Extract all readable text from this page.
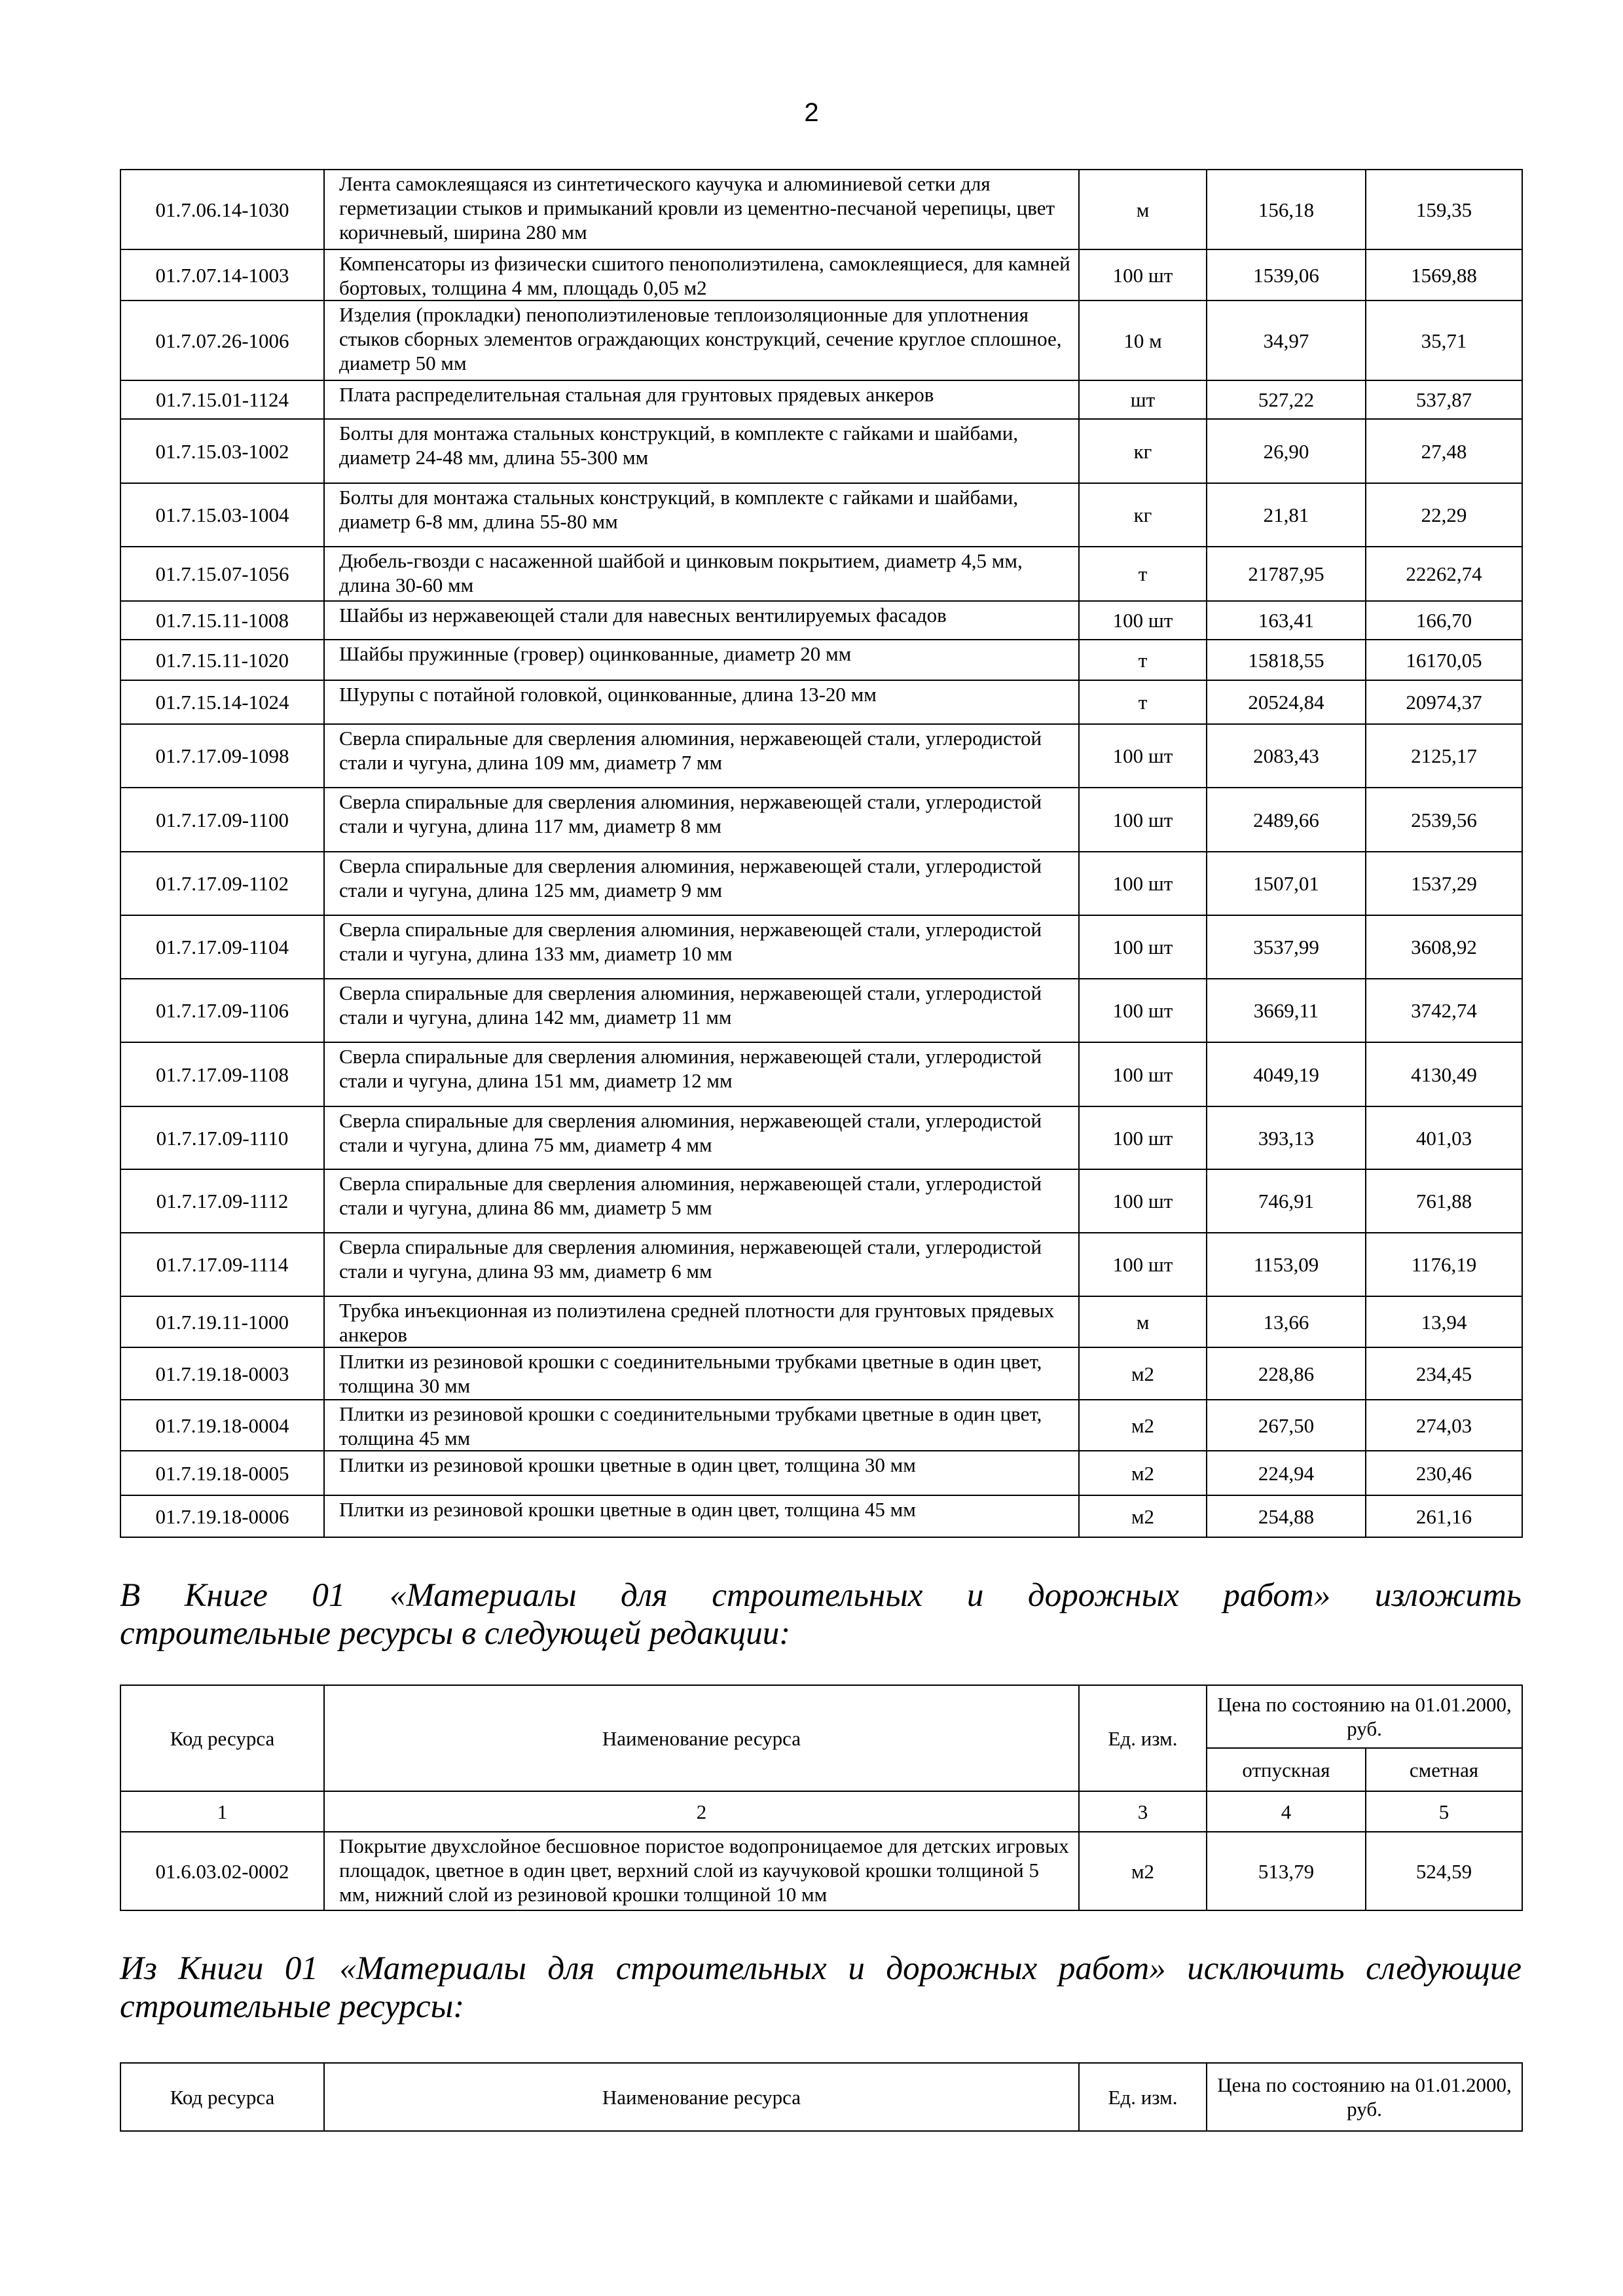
2
01.7.06.14-1030	Лента самоклеящаяся из синтетического каучука и алюминиевой сетки для герметизации стыков и примыканий кровли из цементно-песчаной черепицы, цвет коричневый, ширина 280 мм	м	156,18	159,35
01.7.07.14-1003	Компенсаторы из физически сшитого пенополиэтилена, самоклеящиеся, для камней бортовых, толщина 4 мм, площадь 0,05 м2	100 шт	1539,06	1569,88
01.7.07.26-1006	Изделия (прокладки) пенополиэтиленовые теплоизоляционные для уплотнения стыков сборных элементов ограждающих конструкций, сечение круглое сплошное, диаметр 50 мм	10 м	34,97	35,71
01.7.15.01-1124	Плата распределительная стальная для грунтовых прядевых анкеров	шт	527,22	537,87
01.7.15.03-1002	Болты для монтажа стальных конструкций, в комплекте с гайками и шайбами, диаметр 24-48 мм, длина 55-300 мм	кг	26,90	27,48
01.7.15.03-1004	Болты для монтажа стальных конструкций, в комплекте с гайками и шайбами, диаметр 6-8 мм, длина 55-80 мм	кг	21,81	22,29
01.7.15.07-1056	Дюбель-гвозди с насаженной шайбой и цинковым покрытием, диаметр 4,5 мм, длина 30-60 мм	т	21787,95	22262,74
01.7.15.11-1008	Шайбы из нержавеющей стали для навесных вентилируемых фасадов	100 шт	163,41	166,70
01.7.15.11-1020	Шайбы пружинные (гровер) оцинкованные, диаметр 20 мм	т	15818,55	16170,05
01.7.15.14-1024	Шурупы с потайной головкой, оцинкованные, длина 13-20 мм	т	20524,84	20974,37
01.7.17.09-1098	Сверла спиральные для сверления алюминия, нержавеющей стали, углеродистой стали и чугуна, длина 109 мм, диаметр 7 мм	100 шт	2083,43	2125,17
01.7.17.09-1100	Сверла спиральные для сверления алюминия, нержавеющей стали, углеродистой стали и чугуна, длина 117 мм, диаметр 8 мм	100 шт	2489,66	2539,56
01.7.17.09-1102	Сверла спиральные для сверления алюминия, нержавеющей стали, углеродистой стали и чугуна, длина 125 мм, диаметр 9 мм	100 шт	1507,01	1537,29
01.7.17.09-1104	Сверла спиральные для сверления алюминия, нержавеющей стали, углеродистой стали и чугуна, длина 133 мм, диаметр 10 мм	100 шт	3537,99	3608,92
01.7.17.09-1106	Сверла спиральные для сверления алюминия, нержавеющей стали, углеродистой стали и чугуна, длина 142 мм, диаметр 11 мм	100 шт	3669,11	3742,74
01.7.17.09-1108	Сверла спиральные для сверления алюминия, нержавеющей стали, углеродистой стали и чугуна, длина 151 мм, диаметр 12 мм	100 шт	4049,19	4130,49
01.7.17.09-1110	Сверла спиральные для сверления алюминия, нержавеющей стали, углеродистой стали и чугуна, длина 75 мм, диаметр 4 мм	100 шт	393,13	401,03
01.7.17.09-1112	Сверла спиральные для сверления алюминия, нержавеющей стали, углеродистой стали и чугуна, длина 86 мм, диаметр 5 мм	100 шт	746,91	761,88
01.7.17.09-1114	Сверла спиральные для сверления алюминия, нержавеющей стали, углеродистой стали и чугуна, длина 93 мм, диаметр 6 мм	100 шт	1153,09	1176,19
01.7.19.11-1000	Трубка инъекционная из полиэтилена средней плотности для грунтовых прядевых анкеров	м	13,66	13,94
01.7.19.18-0003	Плитки из резиновой крошки с соединительными трубками цветные в один цвет, толщина 30 мм	м2	228,86	234,45
01.7.19.18-0004	Плитки из резиновой крошки с соединительными трубками цветные в один цвет, толщина 45 мм	м2	267,50	274,03
01.7.19.18-0005	Плитки из резиновой крошки цветные в один цвет, толщина 30 мм	м2	224,94	230,46
01.7.19.18-0006	Плитки из резиновой крошки цветные в один цвет, толщина 45 мм	м2	254,88	261,16

В Книге 01 «Материалы для строительных и дорожных работ» изложить
строительные ресурсы в следующей редакции:

Код ресурса	Наименование ресурса	Ед. изм.	Цена по состоянию на 01.01.2000, руб.	
			отпускная	сметная
1	2	3	4	5
01.6.03.02-0002	Покрытие двухслойное бесшовное пористое водопроницаемое для детских игровых площадок, цветное в один цвет, верхний слой из каучуковой крошки толщиной 5 мм, нижний слой из резиновой крошки толщиной 10 мм	м2	513,79	524,59

Из Книги 01 «Материалы для строительных и дорожных работ» исключить следующие
строительные ресурсы:

Код ресурса	Наименование ресурса	Ед. изм.	Цена по состоянию на 01.01.2000, руб.
